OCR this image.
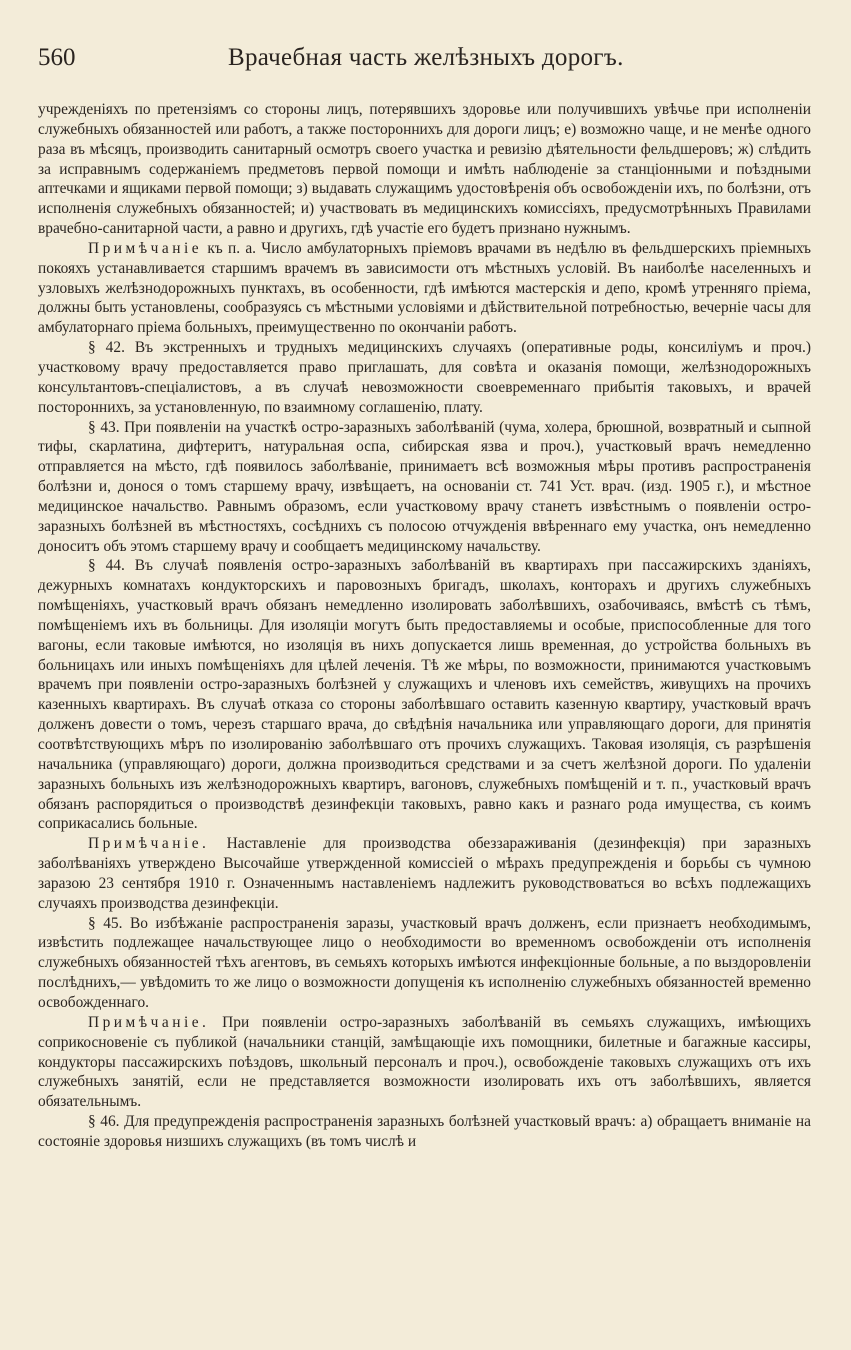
560	Врачебная часть желѣзныхъ дорогъ.

учрежденіяхъ по претензіямъ со стороны лицъ, потерявшихъ здоровье или получившихъ увѣчье при исполненіи служебныхъ обязанностей или работъ, а также постороннихъ для дороги лицъ; е) возможно чаще, и не менѣе одного раза въ мѣсяцъ, производить санитарный осмотръ своего участка и ревизію дѣятельности фельдшеровъ; ж) слѣдить за исправнымъ содержаніемъ предметовъ первой помощи и имѣть наблюденіе за станціонными и поѣздными аптечками и ящиками первой помощи; з) выдавать служащимъ удостовѣренія объ освобожденіи ихъ, по болѣзни, отъ исполненія служебныхъ обязанностей; и) участвовать въ медицинскихъ комиссіяхъ, предусмотрѣнныхъ Правилами врачебно-санитарной части, а равно и другихъ, гдѣ участіе его будетъ признано нужнымъ.

Примѣчаніе къ п. а. Число амбулаторныхъ пріемовъ врачами въ недѣлю въ фельдшерскихъ пріемныхъ покояхъ устанавливается старшимъ врачемъ въ зависимости отъ мѣстныхъ условій. Въ наиболѣе населенныхъ и узловыхъ желѣзнодорожныхъ пунктахъ, въ особенности, гдѣ имѣются мастерскія и депо, кромѣ утренняго пріема, должны быть установлены, сообразуясь съ мѣстными условіями и дѣйствительной потребностью, вечерніе часы для амбулаторнаго пріема больныхъ, преимущественно по окончаніи работъ.

§ 42. Въ экстренныхъ и трудныхъ медицинскихъ случаяхъ (оперативные роды, консиліумъ и проч.) участковому врачу предоставляется право приглашать, для совѣта и оказанія помощи, желѣзнодорожныхъ консультантовъ-спеціалистовъ, а въ случаѣ невозможности своевременнаго прибытія таковыхъ, и врачей постороннихъ, за установленную, по взаимному соглашенію, плату.

§ 43. При появленіи на участкѣ остро-заразныхъ заболѣваній (чума, холера, брюшной, возвратный и сыпной тифы, скарлатина, дифтеритъ, натуральная оспа, сибирская язва и проч.), участковый врачъ немедленно отправляется на мѣсто, гдѣ появилось заболѣваніе, принимаетъ всѣ возможныя мѣры противъ распространенія болѣзни и, донося о томъ старшему врачу, извѣщаетъ, на основаніи ст. 741 Уст. врач. (изд. 1905 г.), и мѣстное медицинское начальство. Равнымъ образомъ, если участковому врачу станетъ извѣстнымъ о появленіи остро-заразныхъ болѣзней въ мѣстностяхъ, сосѣднихъ съ полосою отчужденія ввѣреннаго ему участка, онъ немедленно доноситъ объ этомъ старшему врачу и сообщаетъ медицинскому начальству.

§ 44. Въ случаѣ появленія остро-заразныхъ заболѣваній въ квартирахъ при пассажирскихъ зданіяхъ, дежурныхъ комнатахъ кондукторскихъ и паровозныхъ бригадъ, школахъ, конторахъ и другихъ служебныхъ помѣщеніяхъ, участковый врачъ обязанъ немедленно изолировать заболѣвшихъ, озабочиваясь, вмѣстѣ съ тѣмъ, помѣщеніемъ ихъ въ больницы. Для изоляціи могутъ быть предоставляемы и особые, приспособленные для того вагоны, если таковые имѣются, но изоляція въ нихъ допускается лишь временная, до устройства больныхъ въ больницахъ или иныхъ помѣщеніяхъ для цѣлей леченія. Тѣ же мѣры, по возможности, принимаются участковымъ врачемъ при появленіи остро-заразныхъ болѣзней у служащихъ и членовъ ихъ семействъ, живущихъ на прочихъ казенныхъ квартирахъ. Въ случаѣ отказа со стороны заболѣвшаго оставить казенную квартиру, участковый врачъ долженъ довести о томъ, черезъ старшаго врача, до свѣдѣнія начальника или управляющаго дороги, для принятія соотвѣтствующихъ мѣръ по изолированію заболѣвшаго отъ прочихъ служащихъ. Таковая изоляція, съ разрѣшенія начальника (управляющаго) дороги, должна производиться средствами и за счетъ желѣзной дороги. По удаленіи заразныхъ больныхъ изъ желѣзнодорожныхъ квартиръ, вагоновъ, служебныхъ помѣщеній и т. п., участковый врачъ обязанъ распорядиться о производствѣ дезинфекціи таковыхъ, равно какъ и разнаго рода имущества, съ коимъ соприкасались больные.

Примѣчаніе. Наставленіе для производства обеззараживанія (дезинфекція) при заразныхъ заболѣваніяхъ утверждено Высочайше утвержденной комиссіей о мѣрахъ предупрежденія и борьбы съ чумною заразою 23 сентября 1910 г. Означеннымъ наставленіемъ надлежитъ руководствоваться во всѣхъ подлежащихъ случаяхъ производства дезинфекціи.

§ 45. Во избѣжаніе распространенія заразы, участковый врачъ долженъ, если признаетъ необходимымъ, извѣстить подлежащее начальствующее лицо о необходимости во временномъ освобожденіи отъ исполненія служебныхъ обязанностей тѣхъ агентовъ, въ семьяхъ которыхъ имѣются инфекціонные больные, а по выздоровленіи послѣднихъ,— увѣдомить то же лицо о возможности допущенія къ исполненію служебныхъ обязанностей временно освобожденнаго.

Примѣчаніе. При появленіи остро-заразныхъ заболѣваній въ семьяхъ служащихъ, имѣющихъ соприкосновеніе съ публикой (начальники станцій, замѣщающіе ихъ помощники, билетные и багажные кассиры, кондукторы пассажирскихъ поѣздовъ, школьный персоналъ и проч.), освобожденіе таковыхъ служащихъ отъ ихъ служебныхъ занятій, если не представляется возможности изолировать ихъ отъ заболѣвшихъ, является обязательнымъ.

§ 46. Для предупрежденія распространенія заразныхъ болѣзней участковый врачъ: а) обращаетъ вниманіе на состояніе здоровья низшихъ служащихъ (въ томъ числѣ и
